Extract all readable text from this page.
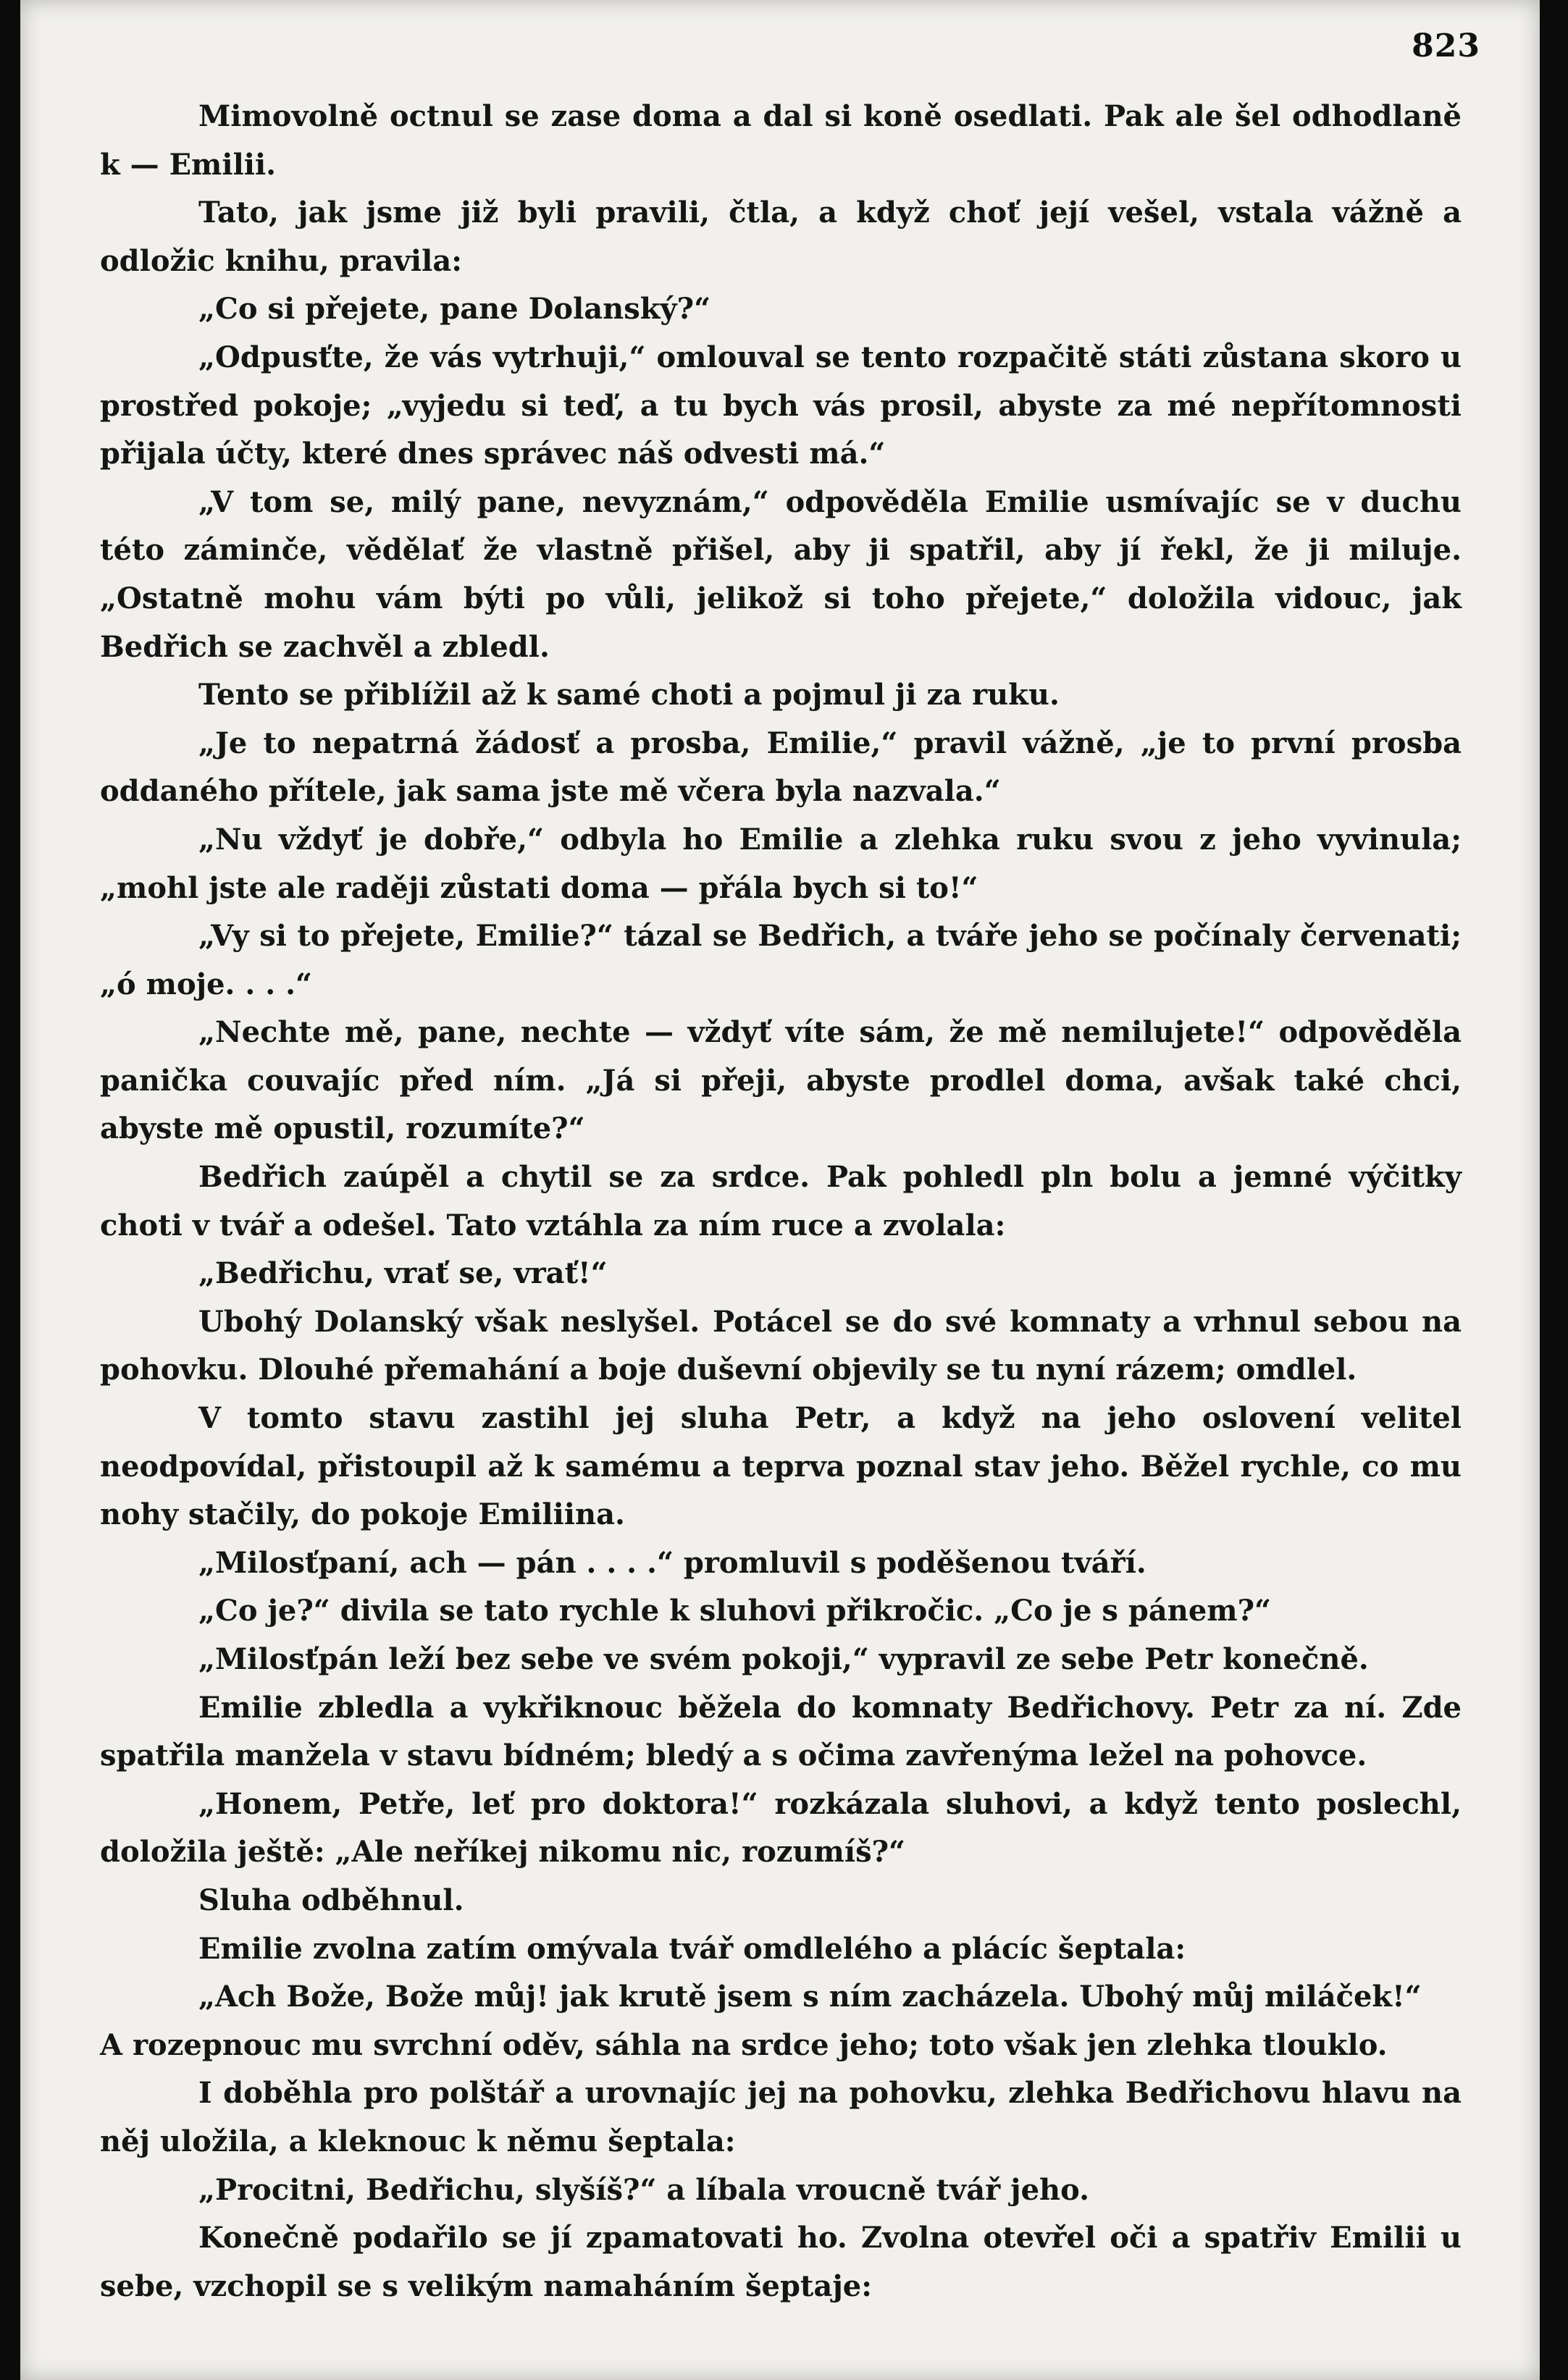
823

Mimovolně octnul se zase doma a dal si koně osedlati. Pak ale šel odhodlaně k — Emilii.

Tato, jak jsme již byli pravili, čtla, a když choť její vešel, vstala vážně a odložic knihu, pravila:

„Co si přejete, pane Dolanský?“

„Odpusťte, že vás vytrhuji,“ omlouval se tento rozpačitě státi zůstana skoro u prostřed pokoje; „vyjedu si teď, a tu bych vás prosil, abyste za mé nepřítomnosti přijala účty, které dnes správec náš odvesti má.“

„V tom se, milý pane, nevyznám,“ odpověděla Emilie usmívajíc se v duchu této záminče, vědělať že vlastně přišel, aby ji spatřil, aby jí řekl, že ji miluje. „Ostatně mohu vám býti po vůli, jelikož si toho přejete,“ doložila vidouc, jak Bedřich se zachvěl a zbledl.

Tento se přiblížil až k samé choti a pojmul ji za ruku.

„Je to nepatrná žádosť a prosba, Emilie,“ pravil vážně, „je to první prosba oddaného přítele, jak sama jste mě včera byla nazvala.“

„Nu vždyť je dobře,“ odbyla ho Emilie a zlehka ruku svou z jeho vyvinula; „mohl jste ale raději zůstati doma — přála bych si to!“

„Vy si to přejete, Emilie?“ tázal se Bedřich, a tváře jeho se počínaly červenati; „ó moje. . . .“

„Nechte mě, pane, nechte — vždyť víte sám, že mě nemilujete!“ odpověděla panička couvajíc před ním. „Já si přeji, abyste prodlel doma, avšak také chci, abyste mě opustil, rozumíte?“

Bedřich zaúpěl a chytil se za srdce. Pak pohledl pln bolu a jemné výčitky choti v tvář a odešel. Tato vztáhla za ním ruce a zvolala:

„Bedřichu, vrať se, vrať!“

Ubohý Dolanský však neslyšel. Potácel se do své komnaty a vrhnul sebou na pohovku. Dlouhé přemahání a boje duševní objevily se tu nyní rázem; omdlel.

V tomto stavu zastihl jej sluha Petr, a když na jeho oslovení velitel neodpovídal, přistoupil až k samému a teprva poznal stav jeho. Běžel rychle, co mu nohy stačily, do pokoje Emiliina.

„Milosťpaní, ach — pán . . . .“ promluvil s poděšenou tváří.

„Co je?“ divila se tato rychle k sluhovi přikročic. „Co je s pánem?“

„Milosťpán leží bez sebe ve svém pokoji,“ vypravil ze sebe Petr konečně.

Emilie zbledla a vykřiknouc běžela do komnaty Bedřichovy. Petr za ní. Zde spatřila manžela v stavu bídném; bledý a s očima zavřenýma ležel na pohovce.

„Honem, Petře, leť pro doktora!“ rozkázala sluhovi, a když tento poslechl, doložila ještě: „Ale neříkej nikomu nic, rozumíš?“

Sluha odběhnul.

Emilie zvolna zatím omývala tvář omdlelého a plácíc šeptala:

„Ach Bože, Bože můj! jak krutě jsem s ním zacházela. Ubohý můj miláček!“

A rozepnouc mu svrchní oděv, sáhla na srdce jeho; toto však jen zlehka tlouklo.

I doběhla pro polštář a urovnajíc jej na pohovku, zlehka Bedřichovu hlavu na něj uložila, a kleknouc k němu šeptala:

„Procitni, Bedřichu, slyšíš?“ a líbala vroucně tvář jeho.

Konečně podařilo se jí zpamatovati ho. Zvolna otevřel oči a spatřiv Emilii u sebe, vzchopil se s velikým namaháním šeptaje:
